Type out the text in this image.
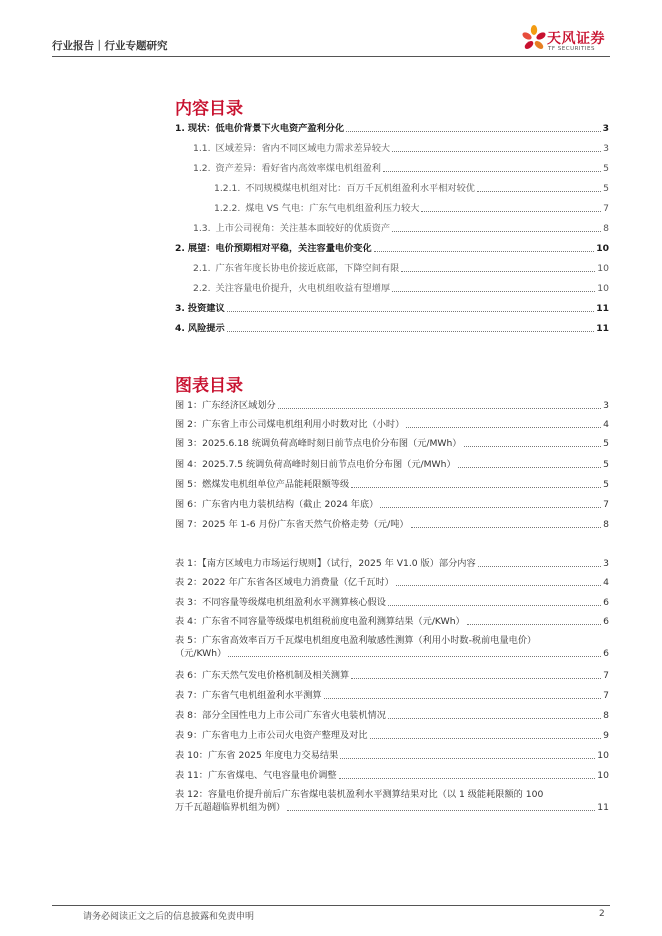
行业报告｜行业专题研究	天风证券
TF SECURITIES
内容目录
1. 现状：低电价背景下火电资产盈利分化	3
1.1. 区域差异：省内不同区域电力需求差异较大	3
1.2. 资产差异：看好省内高效率煤电机组盈利	5
1.2.1. 不同规模煤电机组对比：百万千瓦机组盈利水平相对较优	5
1.2.2. 煤电 VS 气电：广东气电机组盈利压力较大	7
1.3. 上市公司视角：关注基本面较好的优质资产	8
2. 展望：电价预期相对平稳，关注容量电价变化	10
2.1. 广东省年度长协电价接近底部，下降空间有限	10
2.2. 关注容量电价提升，火电机组收益有望增厚	10
3. 投资建议	11
4. 风险提示	11
图表目录
图 1：广东经济区域划分	3
图 2：广东省上市公司煤电机组利用小时数对比（小时）	4
图 3：2025.6.18 统调负荷高峰时刻日前节点电价分布图（元/MWh）	5
图 4：2025.7.5 统调负荷高峰时刻日前节点电价分布图（元/MWh）	5
图 5：燃煤发电机组单位产品能耗限额等级	5
图 6：广东省内电力装机结构（截止 2024 年底）	7
图 7：2025 年 1-6 月份广东省天然气价格走势（元/吨）	8
表 1：【南方区域电力市场运行规则】（试行，2025 年 V1.0 版）部分内容	3
表 2：2022 年广东省各区域电力消费量（亿千瓦时）	4
表 3：不同容量等级煤电机组盈利水平测算核心假设	6
表 4：广东省不同容量等级煤电机组税前度电盈利测算结果（元/KWh）	6
表 5：广东省高效率百万千瓦煤电机组度电盈利敏感性测算（利用小时数-税前电量电价）
（元/KWh）	6
表 6：广东天然气发电价格机制及相关测算	7
表 7：广东省气电机组盈利水平测算	7
表 8：部分全国性电力上市公司广东省火电装机情况	8
表 9：广东省电力上市公司火电资产整理及对比	9
表 10：广东省 2025 年度电力交易结果	10
表 11：广东省煤电、气电容量电价调整	10
表 12：容量电价提升前后广东省煤电装机盈利水平测算结果对比（以 1 级能耗限额的 100
万千瓦超超临界机组为例）	11
请务必阅读正文之后的信息披露和免责申明	2
